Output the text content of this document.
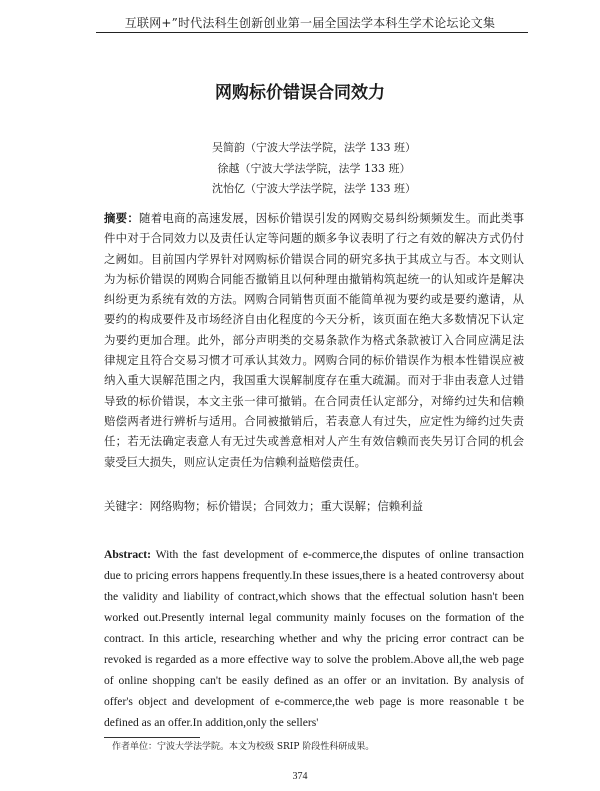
互联网+”时代法科生创新创业第一届全国法学本科生学术论坛论文集
网购标价错误合同效力
吴简韵（宁波大学法学院，法学 133 班）
徐越（宁波大学法学院，法学 133 班）
沈怡亿（宁波大学法学院，法学 133 班）
摘要：随着电商的高速发展，因标价错误引发的网购交易纠纷频频发生。而此类事件中对于合同效力以及责任认定等问题的颇多争议表明了行之有效的解决方式仍付之阙如。目前国内学界针对网购标价错误合同的研究多执于其成立与否。本文则认为为标价错误的网购合同能否撤销且以何种理由撤销构筑起统一的认知或许是解决纠纷更为系统有效的方法。网购合同销售页面不能简单视为要约或是要约邀请，从要约的构成要件及市场经济自由化程度的今天分析，该页面在绝大多数情况下认定为要约更加合理。此外，部分声明类的交易条款作为格式条款被订入合同应满足法律规定且符合交易习惯才可承认其效力。网购合同的标价错误作为根本性错误应被纳入重大误解范围之内，我国重大误解制度存在重大疏漏。而对于非由表意人过错导致的标价错误，本文主张一律可撤销。在合同责任认定部分，对缔约过失和信赖赔偿两者进行辨析与适用。合同被撤销后，若表意人有过失，应定性为缔约过失责任；若无法确定表意人有无过失或善意相对人产生有效信赖而丧失另订合同的机会蒙受巨大损失，则应认定责任为信赖利益赔偿责任。
关键字：网络购物；标价错误；合同效力；重大误解；信赖利益
Abstract: With the fast development of e-commerce,the disputes of online transaction due to pricing errors happens frequently.In these issues,there is a heated controversy about the validity and liability of contract,which shows that the effectual solution hasn't been worked out.Presently internal legal community mainly focuses on the formation of the contract. In this article, researching whether and why the pricing error contract can be revoked is regarded as a more effective way to solve the problem.Above all,the web page of online shopping can't be easily defined as an offer or an invitation. By analysis of offer's object and development of e-commerce,the web page is more reasonable t be defined as an offer.In addition,only the sellers'
作者单位：宁波大学法学院。本文为校级 SRIP 阶段性科研成果。
374
